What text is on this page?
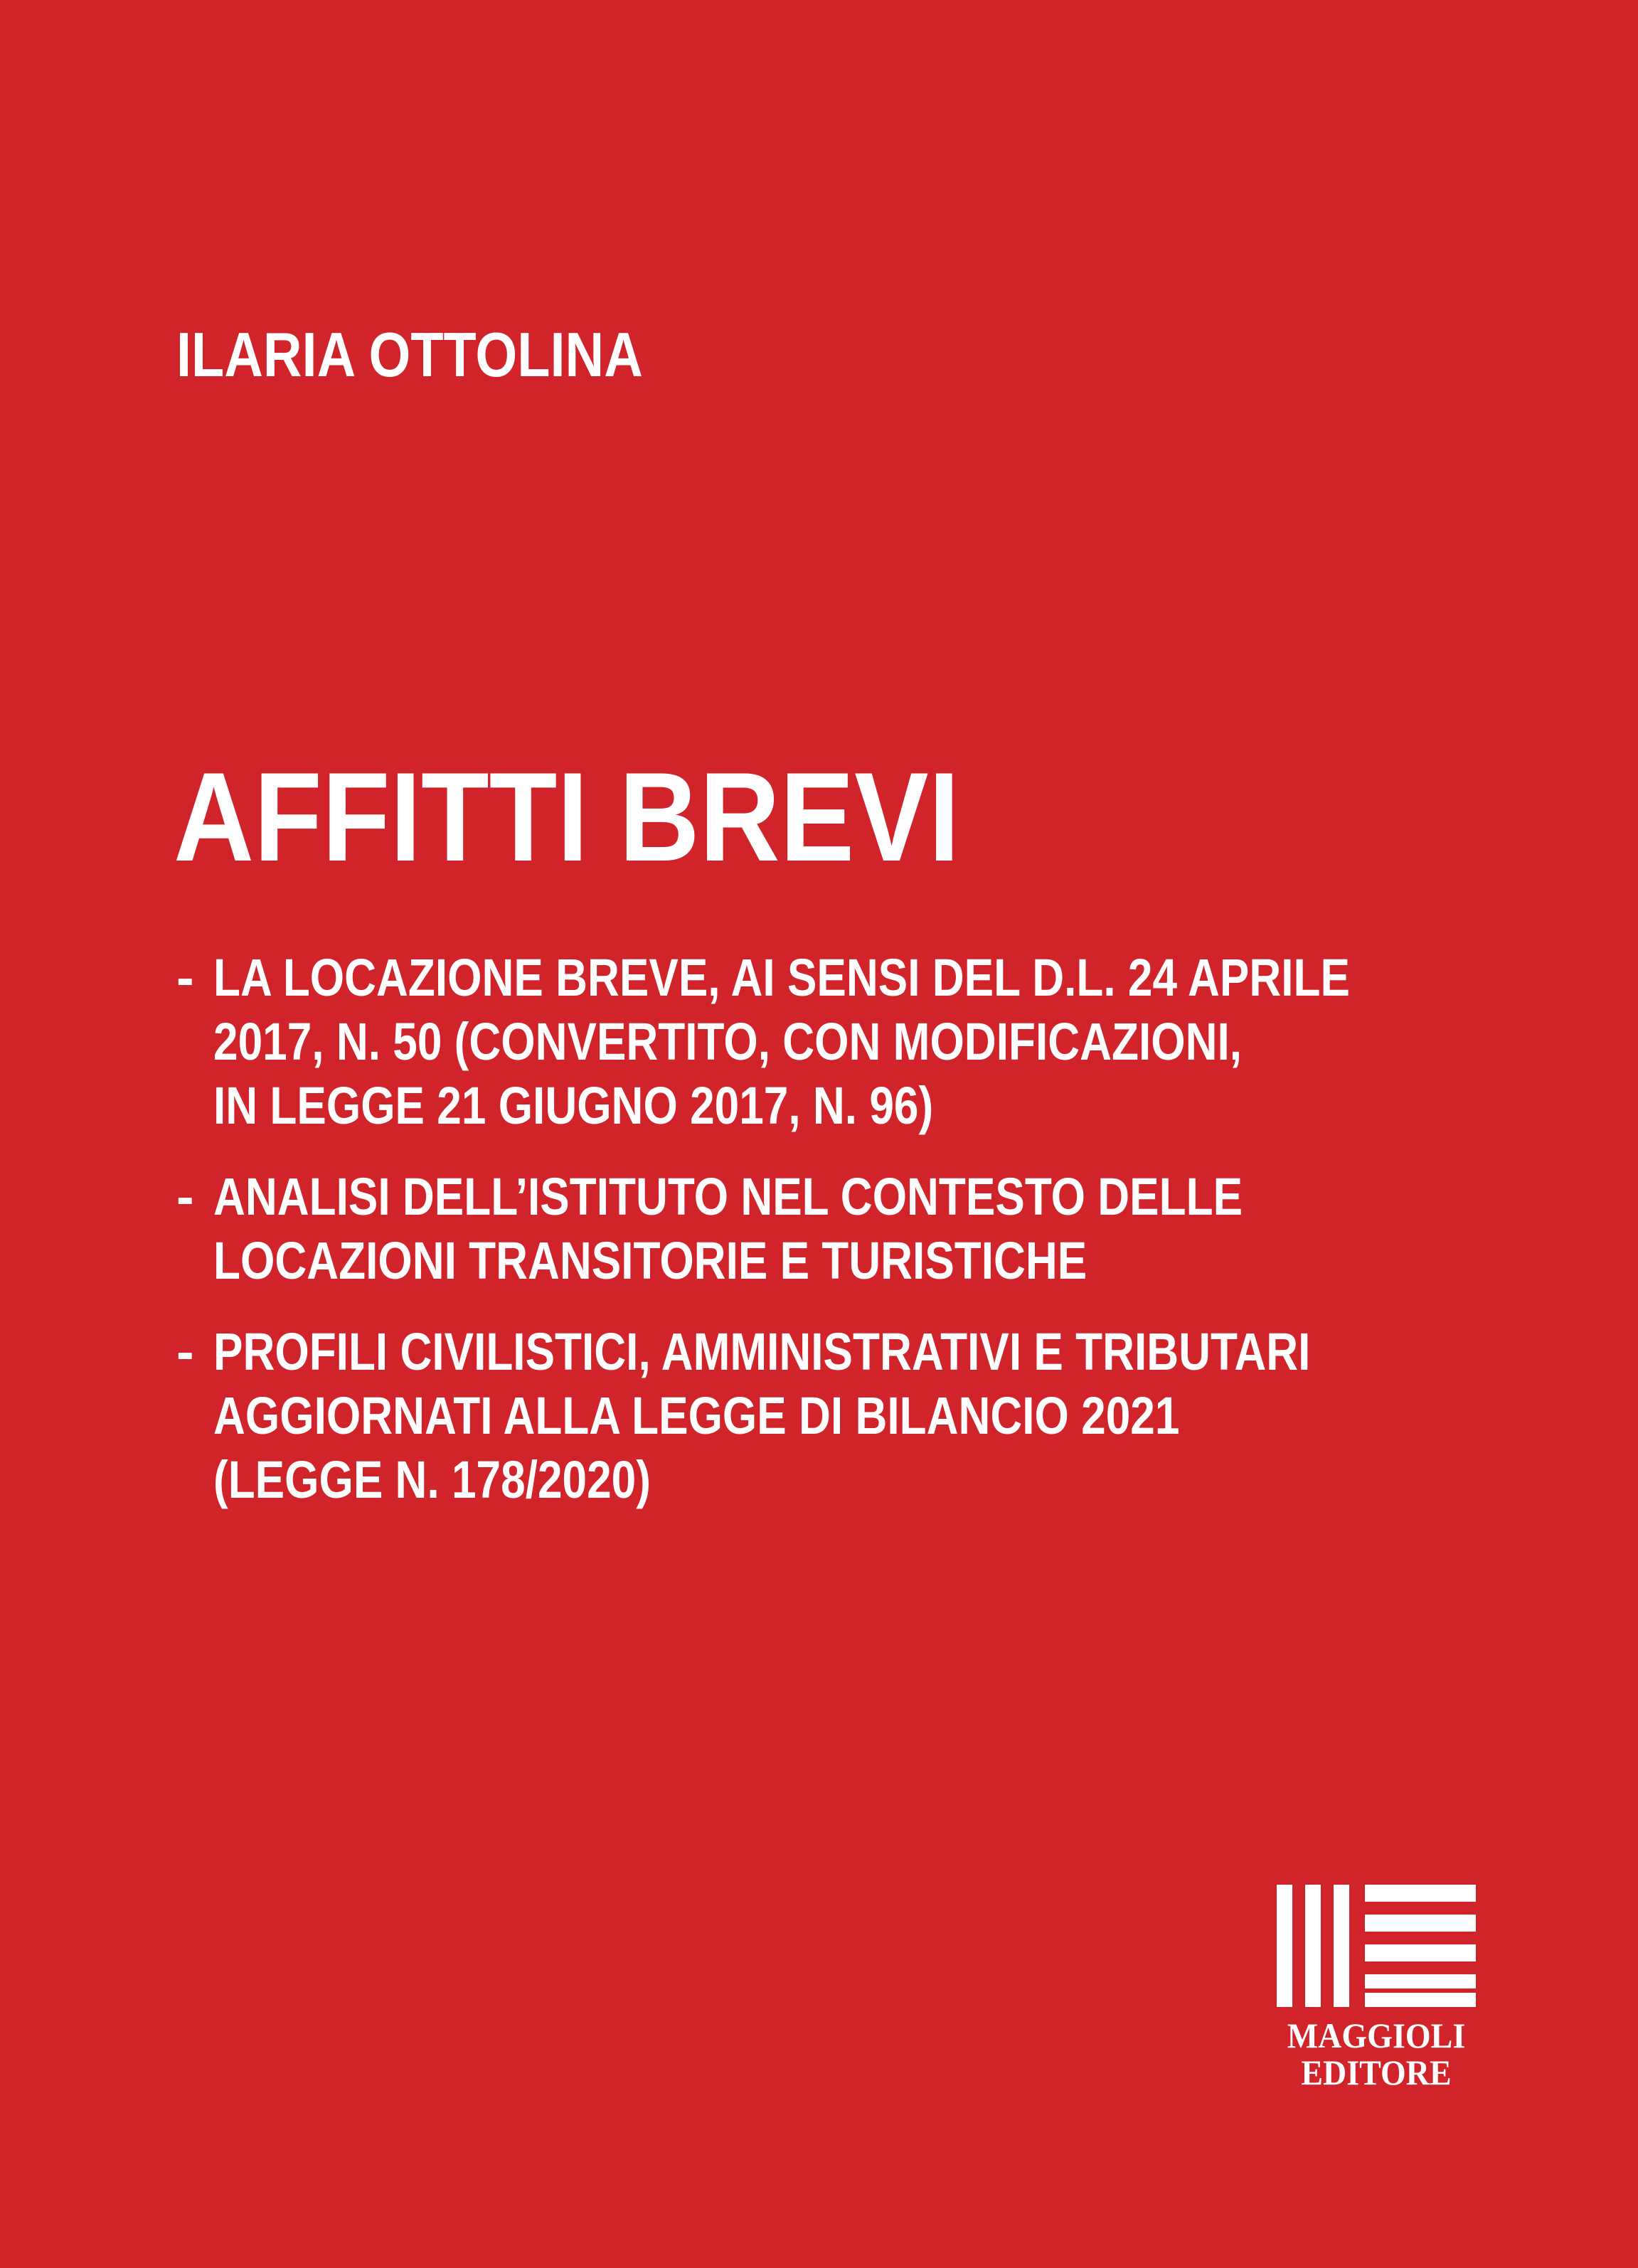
ILARIA OTTOLINA
AFFITTI BREVI
- LA LOCAZIONE BREVE, AI SENSI DEL D.L. 24 APRILE
2017, N. 50 (CONVERTITO, CON MODIFICAZIONI,
IN LEGGE 21 GIUGNO 2017, N. 96)
- ANALISI DELL’ISTITUTO NEL CONTESTO DELLE
LOCAZIONI TRANSITORIE E TURISTICHE
- PROFILI CIVILISTICI, AMMINISTRATIVI E TRIBUTARI
AGGIORNATI ALLA LEGGE DI BILANCIO 2021
(LEGGE N. 178/2020)
MAGGIOLI
EDITORE
